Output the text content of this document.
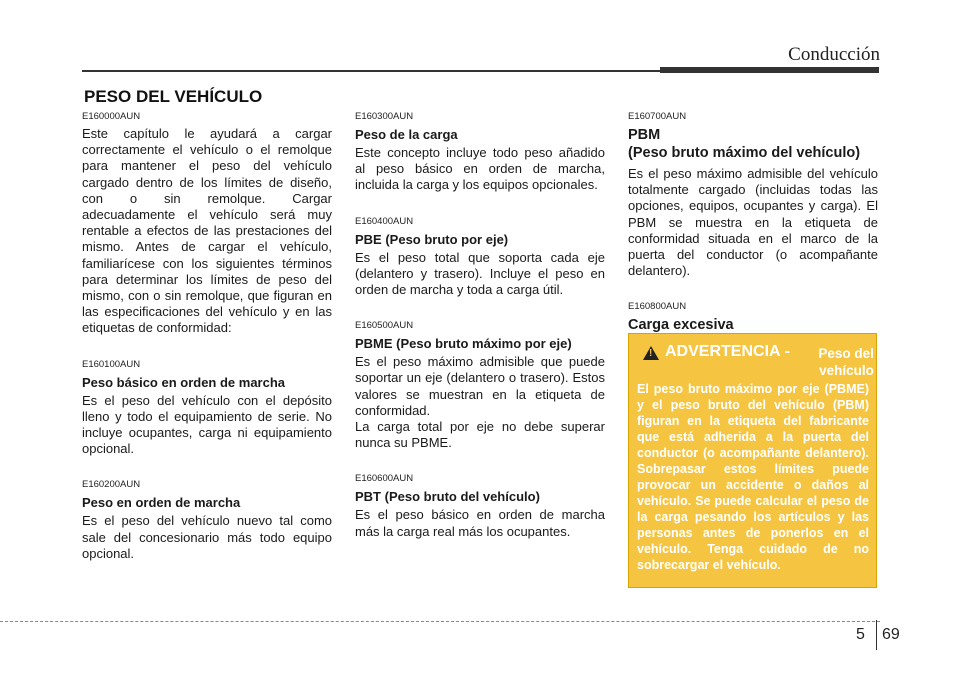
Conducción
PESO DEL VEHÍCULO
E160000AUN
Este capítulo le ayudará a cargar correctamente el vehículo o el remolque para mantener el peso del vehículo cargado dentro de los límites de diseño, con o sin remolque. Cargar adecuadamente el vehículo será muy rentable a efectos de las prestaciones del mismo. Antes de cargar el vehículo, familiarícese con los siguientes términos para determinar los límites de peso del mismo, con o sin remolque, que figuran en las especificaciones del vehículo y en las etiquetas de conformidad:
E160100AUN
Peso básico en orden de marcha
Es el peso del vehículo con el depósito lleno y todo el equipamiento de serie. No incluye ocupantes, carga ni equipamiento opcional.
E160200AUN
Peso en orden de marcha
Es el peso del vehículo nuevo tal como sale del concesionario más todo equipo opcional.
E160300AUN
Peso de la carga
Este concepto incluye todo peso añadido al peso básico en orden de marcha, incluida la carga y los equipos opcionales.
E160400AUN
PBE (Peso bruto por eje)
Es el peso total que soporta cada eje (delantero y trasero). Incluye el peso en orden de marcha y toda a carga útil.
E160500AUN
PBME (Peso bruto máximo por eje)
Es el peso máximo admisible que puede soportar un eje (delantero o trasero). Estos valores se muestran en la etiqueta de conformidad.
La carga total por eje no debe superar nunca su PBME.
E160600AUN
PBT (Peso bruto del vehículo)
Es el peso básico en orden de marcha más la carga real más los ocupantes.
E160700AUN
PBM
(Peso bruto máximo del vehículo)
Es el peso máximo admisible del vehículo totalmente cargado (incluidas todas las opciones, equipos, ocupantes y carga). El PBM se muestra en la etiqueta de conformidad situada en el marco de la puerta del conductor (o acompañante delantero).
E160800AUN
Carga excesiva
! ADVERTENCIA -	Peso del vehículo
El peso bruto máximo por eje (PBME) y el peso bruto del vehículo (PBM) figuran en la etiqueta del fabricante que está adherida a la puerta del conductor (o acompañante delantero). Sobrepasar estos límites puede provocar un accidente o daños al vehículo. Se puede calcular el peso de la carga pesando los artículos y las personas antes de ponerlos en el vehículo. Tenga cuidado de no sobrecargar el vehículo.
5 69
